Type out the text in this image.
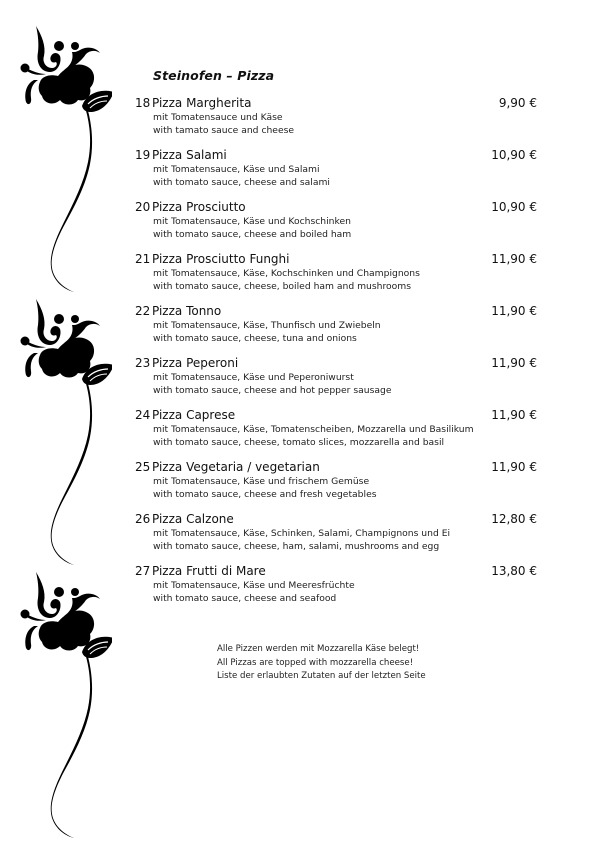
Steinofen – Pizza
18 Pizza Margherita	9,90 €
mit Tomatensauce und Käse
with tamato sauce and cheese
19 Pizza Salami	10,90 €
mit Tomatensauce, Käse und Salami
with tomato sauce, cheese and salami
20 Pizza Prosciutto	10,90 €
mit Tomatensauce, Käse und Kochschinken
with tomato sauce, cheese and boiled ham
21 Pizza Prosciutto Funghi	11,90 €
mit Tomatensauce, Käse, Kochschinken und Champignons
with tomato sauce, cheese, boiled ham and mushrooms
22 Pizza Tonno	11,90 €
mit Tomatensauce, Käse, Thunfisch und Zwiebeln
with tomato sauce, cheese, tuna and onions
23 Pizza Peperoni	11,90 €
mit Tomatensauce, Käse und Peperoniwurst
with tomato sauce, cheese and hot pepper sausage
24 Pizza Caprese	11,90 €
mit Tomatensauce, Käse, Tomatenscheiben, Mozzarella und Basilikum
with tomato sauce, cheese, tomato slices, mozzarella and basil
25 Pizza Vegetaria / vegetarian	11,90 €
mit Tomatensauce, Käse und frischem Gemüse
with tomato sauce, cheese and fresh vegetables
26 Pizza Calzone	12,80 €
mit Tomatensauce, Käse, Schinken, Salami, Champignons und Ei
with tomato sauce, cheese, ham, salami, mushrooms and egg
27 Pizza Frutti di Mare	13,80 €
mit Tomatensauce, Käse und Meeresfrüchte
with tomato sauce, cheese and seafood
Alle Pizzen werden mit Mozzarella Käse belegt!
All Pizzas are topped with mozzarella cheese!
Liste der erlaubten Zutaten auf der letzten Seite
